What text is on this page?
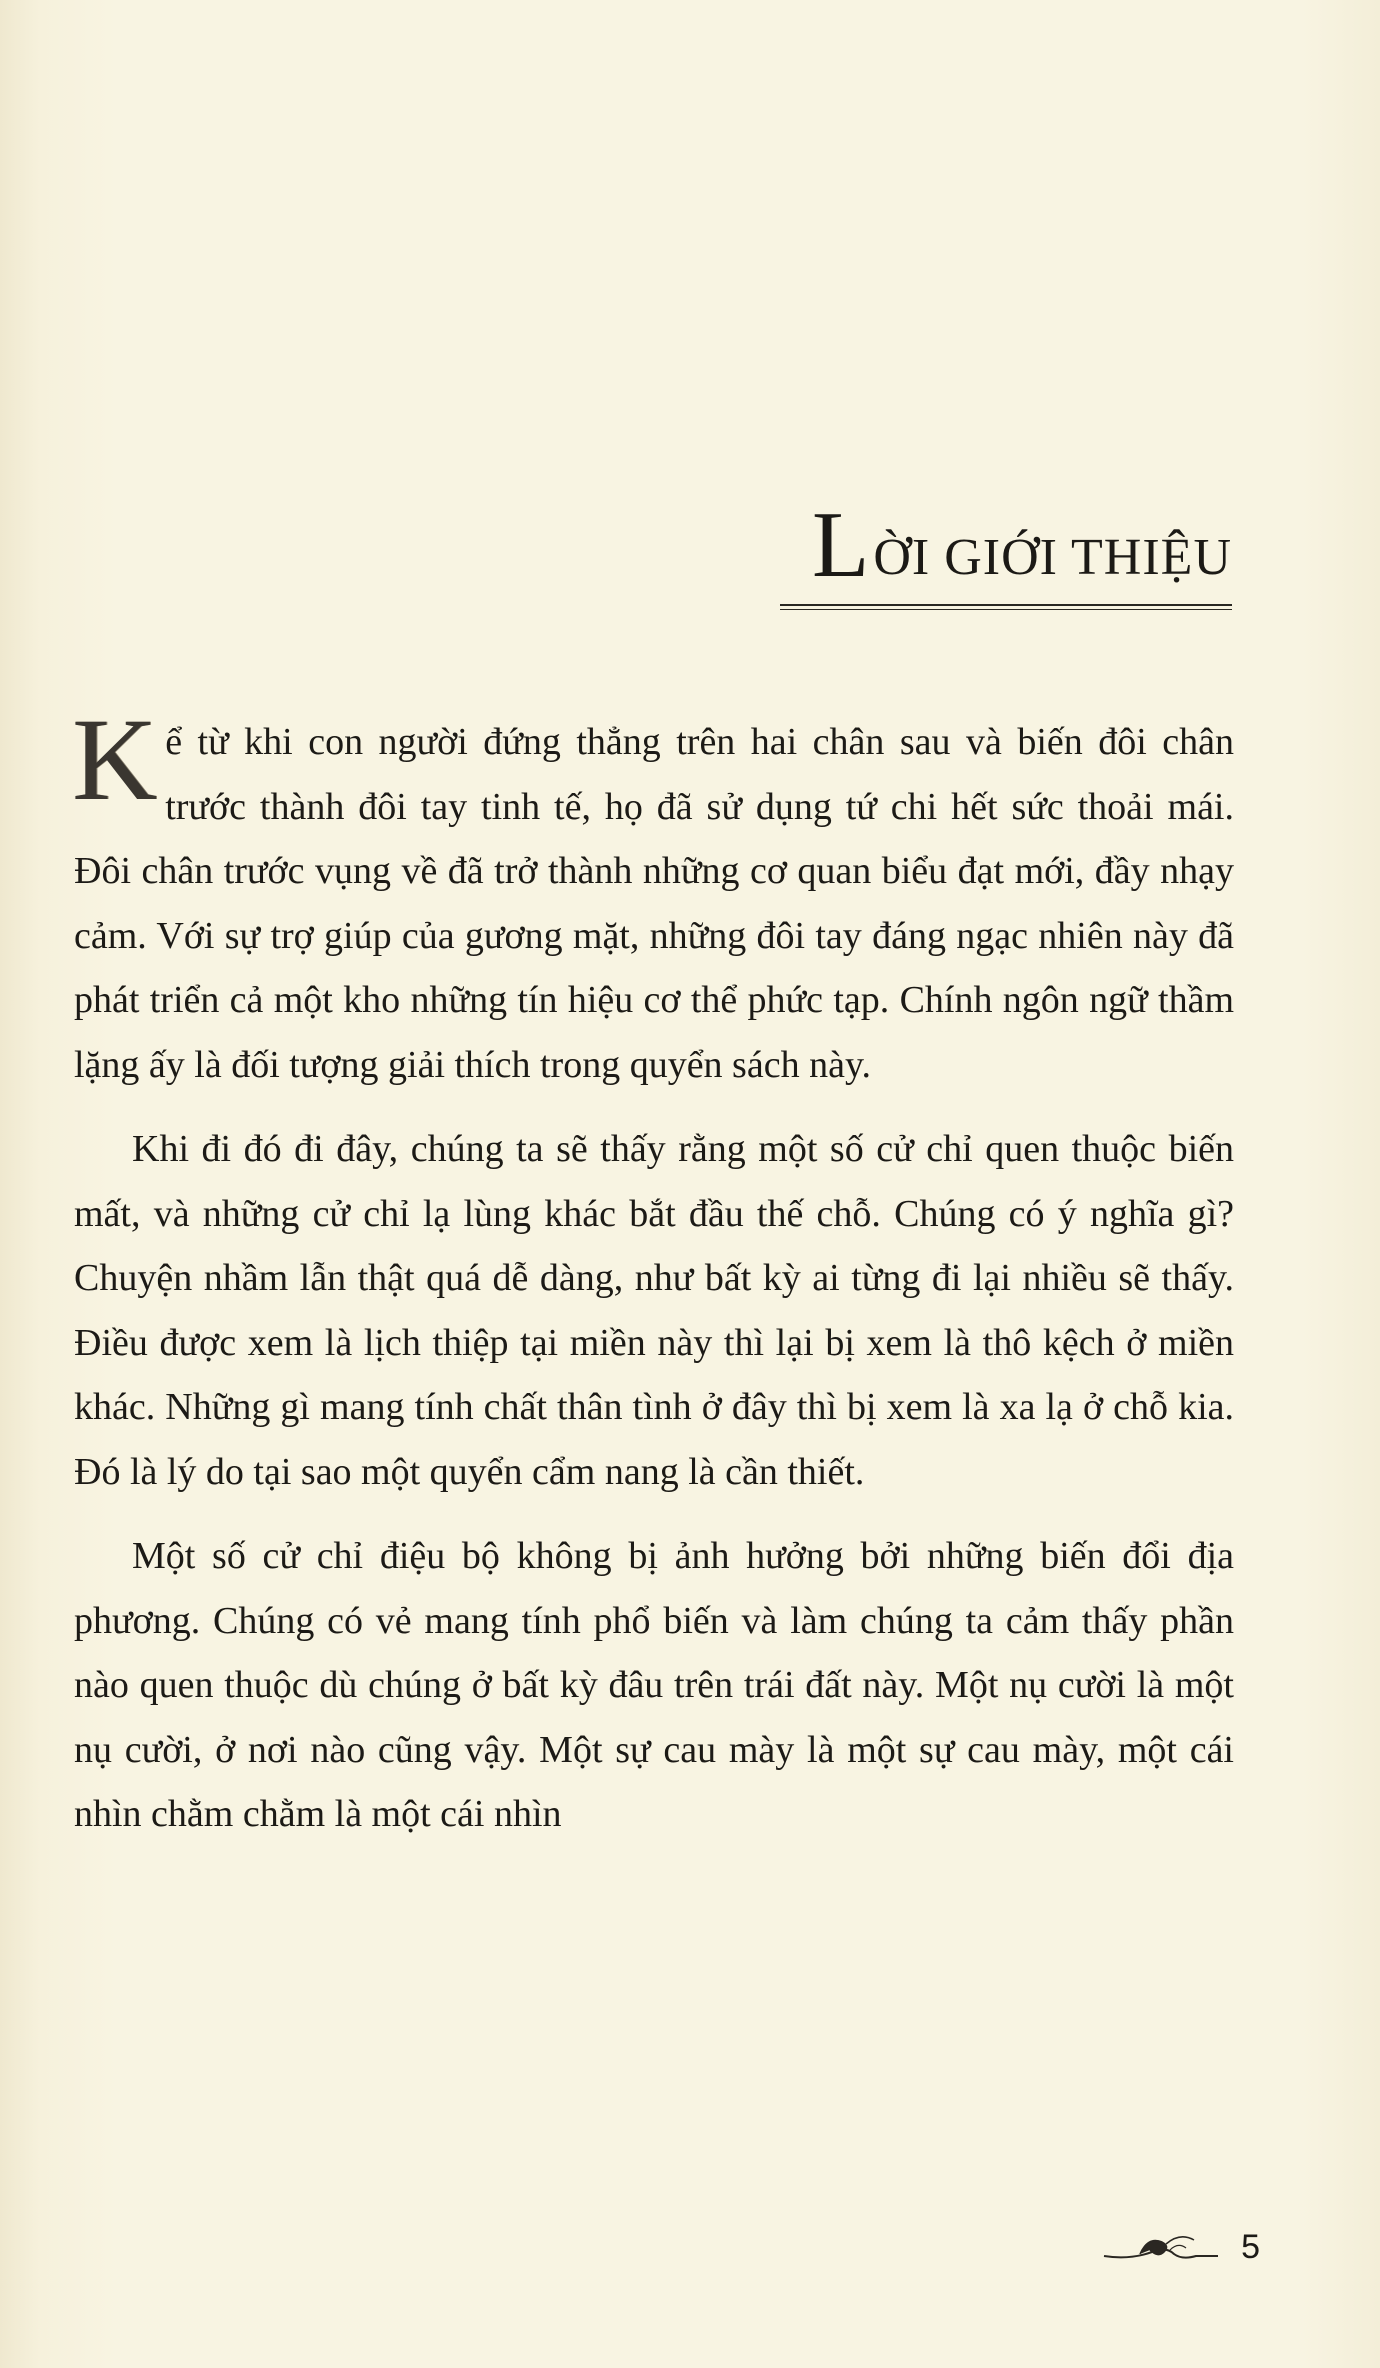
L ỜI GIỚI THIỆU

K ể từ khi con người đứng thẳng trên hai chân sau và biến đôi chân trước thành đôi tay tinh tế, họ đã sử dụng tứ chi hết sức thoải mái. Đôi chân trước vụng về đã trở thành những cơ quan biểu đạt mới, đầy nhạy cảm. Với sự trợ giúp của gương mặt, những đôi tay đáng ngạc nhiên này đã phát triển cả một kho những tín hiệu cơ thể phức tạp. Chính ngôn ngữ thầm lặng ấy là đối tượng giải thích trong quyển sách này.

Khi đi đó đi đây, chúng ta sẽ thấy rằng một số cử chỉ quen thuộc biến mất, và những cử chỉ lạ lùng khác bắt đầu thế chỗ. Chúng có ý nghĩa gì? Chuyện nhầm lẫn thật quá dễ dàng, như bất kỳ ai từng đi lại nhiều sẽ thấy. Điều được xem là lịch thiệp tại miền này thì lại bị xem là thô kệch ở miền khác. Những gì mang tính chất thân tình ở đây thì bị xem là xa lạ ở chỗ kia. Đó là lý do tại sao một quyển cẩm nang là cần thiết.

Một số cử chỉ điệu bộ không bị ảnh hưởng bởi những biến đổi địa phương. Chúng có vẻ mang tính phổ biến và làm chúng ta cảm thấy phần nào quen thuộc dù chúng ở bất kỳ đâu trên trái đất này. Một nụ cười là một nụ cười, ở nơi nào cũng vậy. Một sự cau mày là một sự cau mày, một cái nhìn chằm chằm là một cái nhìn

5
